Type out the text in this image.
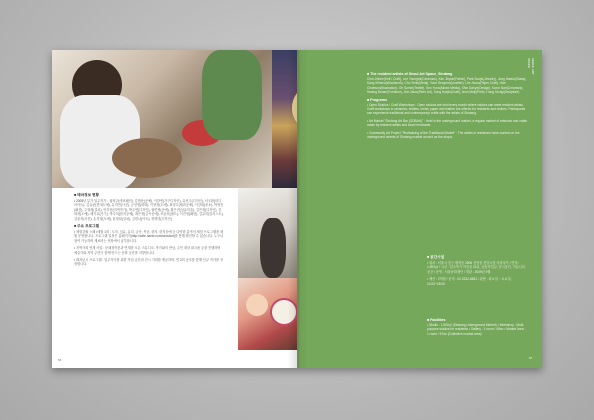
■ 테마정보 현황

• 2008년 부가 입주작가 : 권혁주(에코패션), 김범준(공예), 이한빈(가구디자인), 유신우(디자인), 서국환(미디어아트), 김유준(현대도예), 유지연(사진), 금선영(회화), 이현정(도예), 최정우(제과공예), 이강희(조소), 박정진(패션), 주형희(설치), 안강현(지역작가), 박주연(디자인), 권민영(공예), 황은진(섬유미술), 김은정(디자인), 김희정(도예), 배기호(가구), 박주미(한지공예), 최은정(금속공예), 조윤선(퀼트), 이진영(패션), 김유미(일러스트), 김윤지(사진), 손지영(도예), 윤정희(설치), 김한나(아트), 정영미(디자인)

■ 주요 프로그램

• 체험강좌 스페 /매월 1회 : 도자, 섬유, 유리, 금속, 목공, 한지, 한지공예 등 다양한 분야의 체험 프로그램을 매월 운영합니다. 프로그램 일정은 홈페이지(http://cafe.naver.com/seoulart)를 통해 확인할 수 있습니다. 누구나 참여 가능하며 재료비는 현장에서 납부합니다.

• 지역사회 연계 사업 : 문래창작촌과 연계한 오픈 스튜디오, 작가와의 만남, 주민 대상 워크숍 등을 진행하며 예술가와 지역 주민이 함께 만드는 문화 공간을 지향합니다.

• 레지던시 프로그램 : 입주작가를 위한 작업 공간과 전시 기회를 제공하며, 연 2회 공모를 통해 신규 작가를 선정합니다.

56

■ The resident artists of Seoul Art Space_Sindang

Choi Jinhee(Knit / Craft), Lee Youngmi(Ceramics), Kim Jihyun(Fabric), Park Soojin(Jewelry), Jung Haeun(Glass), Kang Minseo(Woodwork), Cho Yerin(Metal), Yoon Seoyeon(Leather), Lim Jiwoo(Paper Craft), Han Chaewon(Illustration), Oh Sumin(Textile), Seo Yuna(Mixed Media), Shin Dahye(Design), Kwon Nari(Ceramics), Hwang Boram(Furniture), Ahn Jisoo(Fiber Art), Song Hyejin(Craft), Jeon Minji(Print), Hong Seulgi(Sculpture)

■ Programs

• Open Studios / Craft Workshops : Open studios are held every month where visitors can meet resident artists. Craft workshops in ceramics, textiles, metal, paper and leather are offered for residents and visitors. Participants can experience traditional and contemporary crafts with the artists of Sindang.

• Art Market "Sindang Art Bar (SOBAN)" : Held in the underground market, a regular market of artworks and crafts made by resident artists and local merchants.

• Community Art Project "Revitalizing of the Traditional Market" : The artists in residence have worked on the underground streets of Sindang market around as the shops.

■ 공간시설

• 위치 : 서울시 중구 황학동 2506 신당동 중앙시장 지하상가 / 면적 : 1,500㎡ / 시설 : 입주작가 작업실 24실, 공동작업실, 전시공간, 커뮤니티 공간 / 운영 : 서울문화재단 / 개관 : 2009년 9월

• 예산 : 2억원 / 문의 : 02-2232-8831 / 관람 : 화요일 ~ 토요일, 10:00~18:00

■ Facilities

• Studio : 1,500㎡ (Sindang Underground Market) • Workshop : Multi-purpose studios for residents • Gallery : 1 room / 48m² • Market Area : 1 room / 57m² (Collective market area)

57
SEOUL ART SPACE
